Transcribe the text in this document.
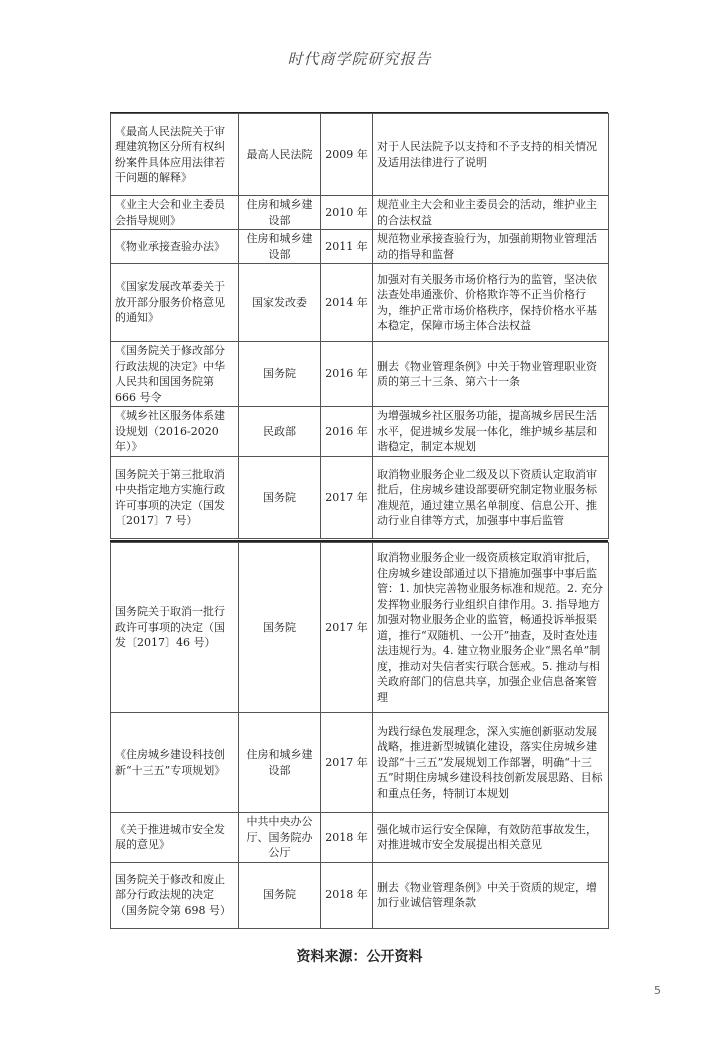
时代商学院研究报告
《最高人民法院关于审理建筑物区分所有权纠纷案件具体应用法律若干问题的解释》	最高人民法院	2009 年	对于人民法院予以支持和不予支持的相关情况及适用法律进行了说明
《业主大会和业主委员会指导规则》	住房和城乡建设部	2010 年	规范业主大会和业主委员会的活动，维护业主的合法权益
《物业承接查验办法》	住房和城乡建设部	2011 年	规范物业承接查验行为，加强前期物业管理活动的指导和监督
《国家发展改革委关于放开部分服务价格意见的通知》	国家发改委	2014 年	加强对有关服务市场价格行为的监管，坚决依法查处串通涨价、价格欺诈等不正当价格行为，维护正常市场价格秩序，保持价格水平基本稳定，保障市场主体合法权益
《国务院关于修改部分行政法规的决定》中华人民共和国国务院第 666 号令	国务院	2016 年	删去《物业管理条例》中关于物业管理职业资质的第三十三条、第六十一条
《城乡社区服务体系建设规划（2016-2020年）》	民政部	2016 年	为增强城乡社区服务功能，提高城乡居民生活水平，促进城乡发展一体化，维护城乡基层和谐稳定，制定本规划
国务院关于第三批取消中央指定地方实施行政许可事项的决定（国发〔2017〕7 号）	国务院	2017 年	取消物业服务企业二级及以下资质认定取消审批后，住房城乡建设部要研究制定物业服务标准规范，通过建立黑名单制度、信息公开、推动行业自律等方式，加强事中事后监管
国务院关于取消一批行政许可事项的决定（国发〔2017〕46 号）	国务院	2017 年	取消物业服务企业一级资质核定取消审批后，住房城乡建设部通过以下措施加强事中事后监管：1. 加快完善物业服务标准和规范。2. 充分发挥物业服务行业组织自律作用。3. 指导地方加强对物业服务企业的监管，畅通投诉举报渠道，推行“双随机、一公开”抽查，及时查处违法违规行为。4. 建立物业服务企业“黑名单”制度，推动对失信者实行联合惩戒。5. 推动与相关政府部门的信息共享，加强企业信息备案管理
《住房城乡建设科技创新“十三五”专项规划》	住房和城乡建设部	2017 年	为践行绿色发展理念，深入实施创新驱动发展战略，推进新型城镇化建设，落实住房城乡建设部“十三五”发展规划工作部署，明确“十三五”时期住房城乡建设科技创新发展思路、目标和重点任务，特制订本规划
《关于推进城市安全发展的意见》	中共中央办公厅、国务院办公厅	2018 年	强化城市运行安全保障，有效防范事故发生，对推进城市安全发展提出相关意见
国务院关于修改和废止部分行政法规的决定（国务院令第 698 号）	国务院	2018 年	删去《物业管理条例》中关于资质的规定，增加行业诚信管理条款
资料来源：公开资料
5
